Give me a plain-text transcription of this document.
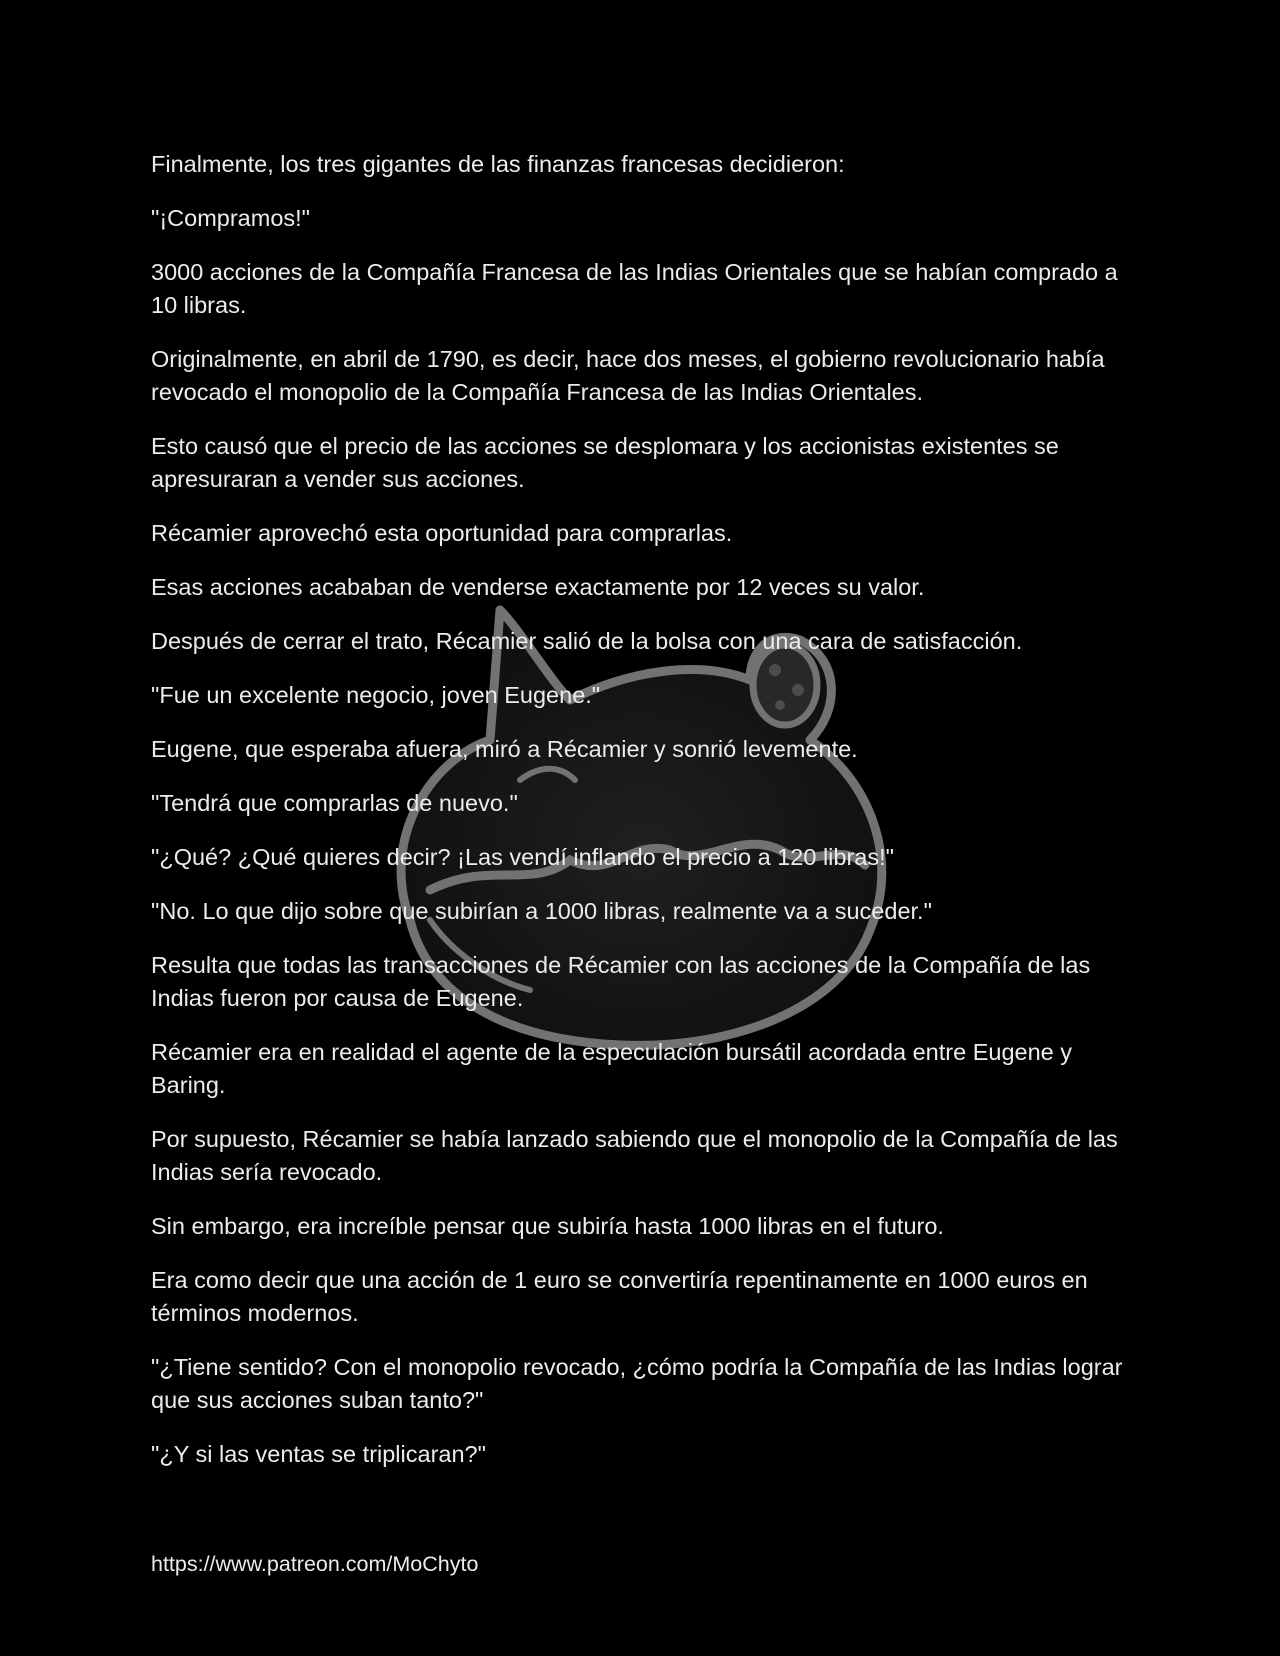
Finalmente, los tres gigantes de las finanzas francesas decidieron:

"¡Compramos!"

3000 acciones de la Compañía Francesa de las Indias Orientales que se habían comprado a 10 libras.

Originalmente, en abril de 1790, es decir, hace dos meses, el gobierno revolucionario había revocado el monopolio de la Compañía Francesa de las Indias Orientales.

Esto causó que el precio de las acciones se desplomara y los accionistas existentes se apresuraran a vender sus acciones.

Récamier aprovechó esta oportunidad para comprarlas.

Esas acciones acababan de venderse exactamente por 12 veces su valor.

Después de cerrar el trato, Récamier salió de la bolsa con una cara de satisfacción.

"Fue un excelente negocio, joven Eugene."

Eugene, que esperaba afuera, miró a Récamier y sonrió levemente.

"Tendrá que comprarlas de nuevo."

"¿Qué? ¿Qué quieres decir? ¡Las vendí inflando el precio a 120 libras!"

"No. Lo que dijo sobre que subirían a 1000 libras, realmente va a suceder."

Resulta que todas las transacciones de Récamier con las acciones de la Compañía de las Indias fueron por causa de Eugene.

Récamier era en realidad el agente de la especulación bursátil acordada entre Eugene y Baring.

Por supuesto, Récamier se había lanzado sabiendo que el monopolio de la Compañía de las Indias sería revocado.

Sin embargo, era increíble pensar que subiría hasta 1000 libras en el futuro.

Era como decir que una acción de 1 euro se convertiría repentinamente en 1000 euros en términos modernos.

"¿Tiene sentido? Con el monopolio revocado, ¿cómo podría la Compañía de las Indias lograr que sus acciones suban tanto?"

"¿Y si las ventas se triplicaran?"

https://www.patreon.com/MoChyto
